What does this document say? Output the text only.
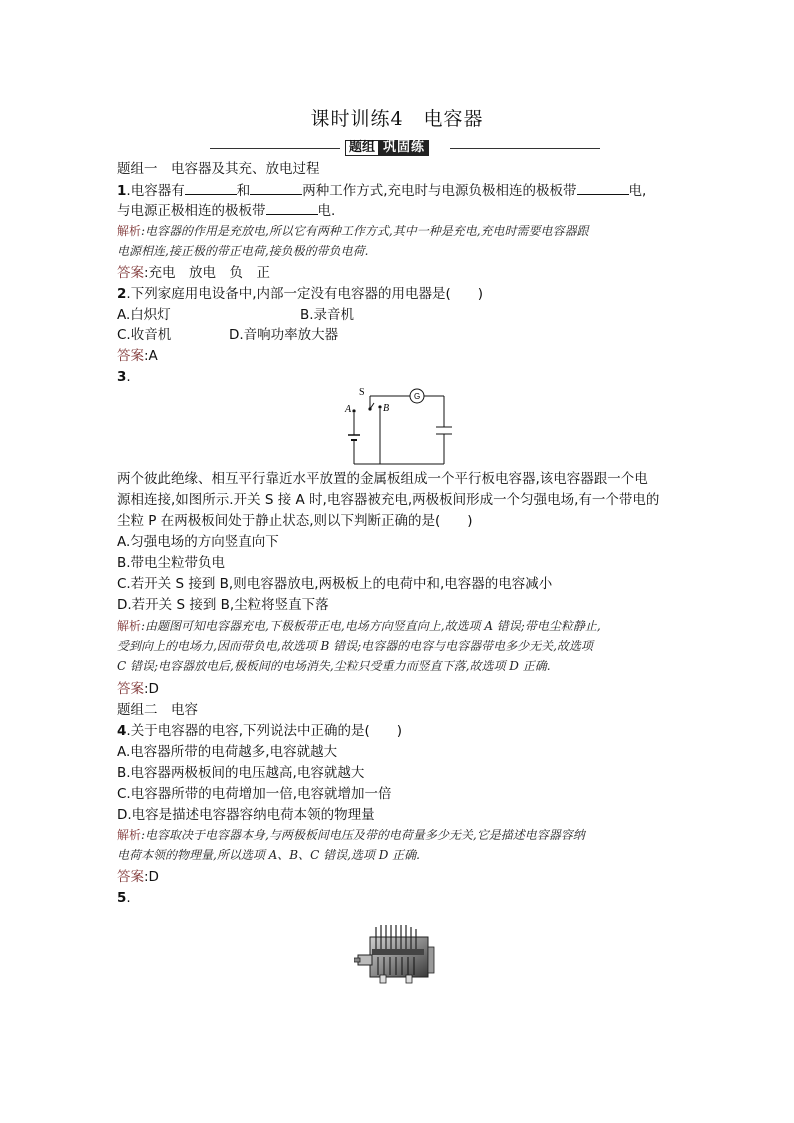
课时训练4　电容器
题组 巩固练
题组一　电容器及其充、放电过程
1.电容器有	和	两种工作方式,充电时与电源负极相连的极板带	电,
与电源正极相连的极板带	电.
解析:电容器的作用是充放电,所以它有两种工作方式,其中一种是充电,充电时需要电容器跟
电源相连,接正极的带正电荷,接负极的带负电荷.
答案:充电　放电　负　正
2.下列家庭用电设备中,内部一定没有电容器的用电器是(　　)
A.白炽灯	B.录音机
C.收音机	D.音响功率放大器
答案:A
3.
S
A	B
G
两个彼此绝缘、相互平行靠近水平放置的金属板组成一个平行板电容器,该电容器跟一个电
源相连接,如图所示.开关 S 接 A 时,电容器被充电,两极板间形成一个匀强电场,有一个带电的
尘粒 P 在两极板间处于静止状态,则以下判断正确的是(　　)
A.匀强电场的方向竖直向下
B.带电尘粒带负电
C.若开关 S 接到 B,则电容器放电,两极板上的电荷中和,电容器的电容减小
D.若开关 S 接到 B,尘粒将竖直下落
解析:由题图可知电容器充电,下极板带正电,电场方向竖直向上,故选项 A 错误;带电尘粒静止,
受到向上的电场力,因而带负电,故选项 B 错误;电容器的电容与电容器带电多少无关,故选项
C 错误;电容器放电后,极板间的电场消失,尘粒只受重力而竖直下落,故选项 D 正确.
答案:D
题组二　电容
4.关于电容器的电容,下列说法中正确的是(　　)
A.电容器所带的电荷越多,电容就越大
B.电容器两极板间的电压越高,电容就越大
C.电容器所带的电荷增加一倍,电容就增加一倍
D.电容是描述电容器容纳电荷本领的物理量
解析:电容取决于电容器本身,与两极板间电压及带的电荷量多少无关,它是描述电容器容纳
电荷本领的物理量,所以选项 A、B、C 错误,选项 D 正确.
答案:D
5.
